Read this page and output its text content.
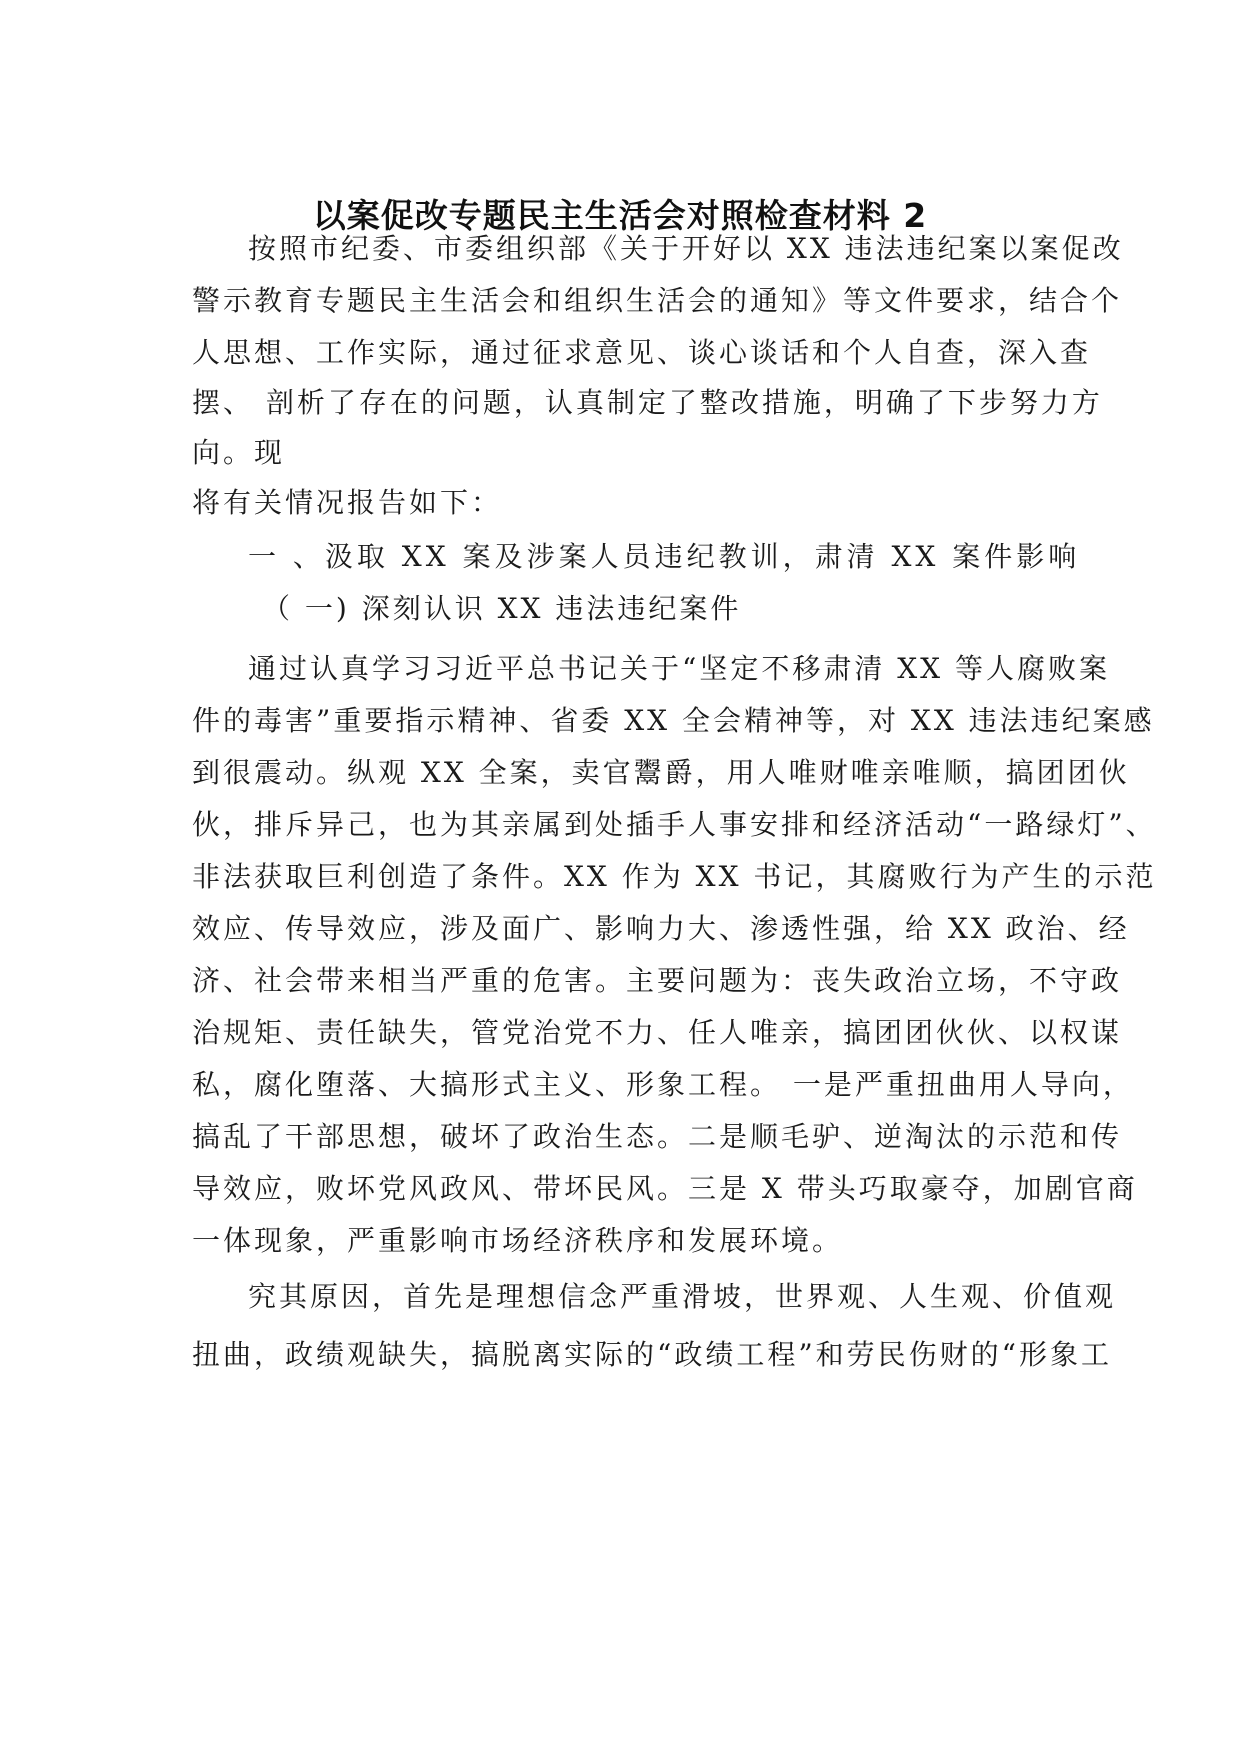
以案促改专题民主生活会对照检查材料 2
按照市纪委、市委组织部《关于开好以 XX 违法违纪案以案促改
警示教育专题民主生活会和组织生活会的通知》等文件要求，结合个
人思想、工作实际，通过征求意见、谈心谈话和个人自查，深入查
摆、 剖析了存在的问题，认真制定了整改措施，明确了下步努力方
向。现
将有关情况报告如下：
一 、汲取 XX 案及涉案人员违纪教训，肃清 XX 案件影响
（ 一) 深刻认识 XX 违法违纪案件
通过认真学习习近平总书记关于“坚定不移肃清 XX 等人腐败案
件的毒害”重要指示精神、省委 XX 全会精神等，对 XX 违法违纪案感
到很震动。纵观 XX 全案，卖官鬻爵，用人唯财唯亲唯顺，搞团团伙
伙，排斥异己，也为其亲属到处插手人事安排和经济活动“一路绿灯”、
非法获取巨利创造了条件。XX 作为 XX 书记，其腐败行为产生的示范
效应、传导效应，涉及面广、影响力大、渗透性强，给 XX 政治、经
济、社会带来相当严重的危害。主要问题为：丧失政治立场，不守政
治规矩、责任缺失，管党治党不力、任人唯亲，搞团团伙伙、以权谋
私，腐化堕落、大搞形式主义、形象工程。 一是严重扭曲用人导向，
搞乱了干部思想，破坏了政治生态。二是顺毛驴、逆淘汰的示范和传
导效应，败坏党风政风、带坏民风。三是 X 带头巧取豪夺，加剧官商
一体现象，严重影响市场经济秩序和发展环境。
究其原因，首先是理想信念严重滑坡，世界观、人生观、价值观
扭曲，政绩观缺失，搞脱离实际的“政绩工程”和劳民伤财的“形象工
